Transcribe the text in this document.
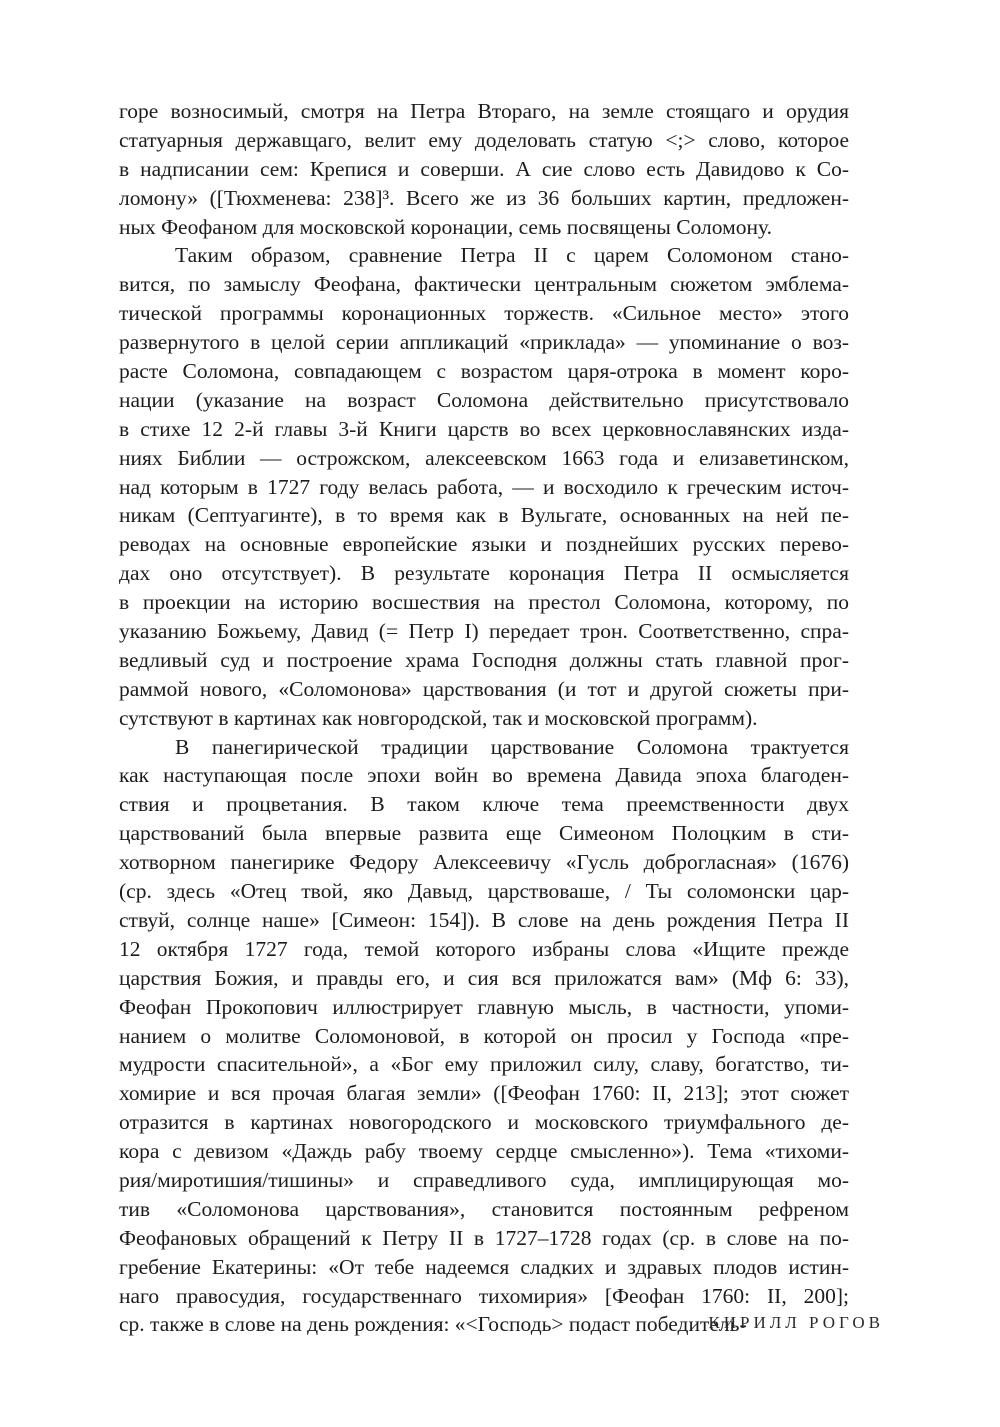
горе возносимый, смотря на Петра Втораго, на земле стоящаго и орудия
статуарныя державщаго, велит ему доделовать статую <;> слово, которое
в надписании сем: Крепися и соверши. А сие слово есть Давидово к Со-
ломону» ([Тюхменева: 238]³. Всего же из 36 больших картин, предложен-
ных Феофаном для московской коронации, семь посвящены Соломону.
Таким образом, сравнение Петра II с царем Соломоном стано-
вится, по замыслу Феофана, фактически центральным сюжетом эмблема-
тической программы коронационных торжеств. «Сильное место» этого
развернутого в целой серии аппликаций «приклада» — упоминание о воз-
расте Соломона, совпадающем с возрастом царя-отрока в момент коро-
нации (указание на возраст Соломона действительно присутствовало
в стихе 12 2-й главы 3-й Книги царств во всех церковнославянских изда-
ниях Библии — острожском, алексеевском 1663 года и елизаветинском,
над которым в 1727 году велась работа, — и восходило к греческим источ-
никам (Септуагинте), в то время как в Вульгате, основанных на ней пе-
реводах на основные европейские языки и позднейших русских перево-
дах оно отсутствует). В результате коронация Петра II осмысляется
в проекции на историю восшествия на престол Соломона, которому, по
указанию Божьему, Давид (= Петр I) передает трон. Соответственно, спра-
ведливый суд и построение храма Господня должны стать главной прог-
раммой нового, «Соломонова» царствования (и тот и другой сюжеты при-
сутствуют в картинах как новгородской, так и московской программ).
В панегирической традиции царствование Соломона трактуется
как наступающая после эпохи войн во времена Давида эпоха благоден-
ствия и процветания. В таком ключе тема преемственности двух
царствований была впервые развита еще Симеоном Полоцким в сти-
хотворном панегирике Федору Алексеевичу «Гусль доброгласная» (1676)
(ср. здесь «Отец твой, яко Давыд, царствоваше, / Ты соломонски цар-
ствуй, солнце наше» [Симеон: 154]). В слове на день рождения Петра II
12 октября 1727 года, темой которого избраны слова «Ищите прежде
царствия Божия, и правды его, и сия вся приложатся вам» (Мф 6: 33),
Феофан Прокопович иллюстрирует главную мысль, в частности, упоми-
нанием о молитве Соломоновой, в которой он просил у Господа «пре-
мудрости спасительной», а «Бог ему приложил силу, славу, богатство, ти-
хомирие и вся прочая благая земли» ([Феофан 1760: II, 213]; этот сюжет
отразится в картинах новогородского и московского триумфального де-
кора с девизом «Даждь рабу твоему сердце смысленно»). Тема «тихоми-
рия/миротишия/тишины» и справедливого суда, имплицирующая мо-
тив «Соломонова царствования», становится постоянным рефреном
Феофановых обращений к Петру II в 1727–1728 годах (ср. в слове на по-
гребение Екатерины: «От тебе надеемся сладких и здравых плодов истин-
наго правосудия, государственнаго тихомирия» [Феофан 1760: II, 200];
ср. также в слове на день рождения: «<Господь> подаст победитель-
КИРИЛЛ РОГОВ
